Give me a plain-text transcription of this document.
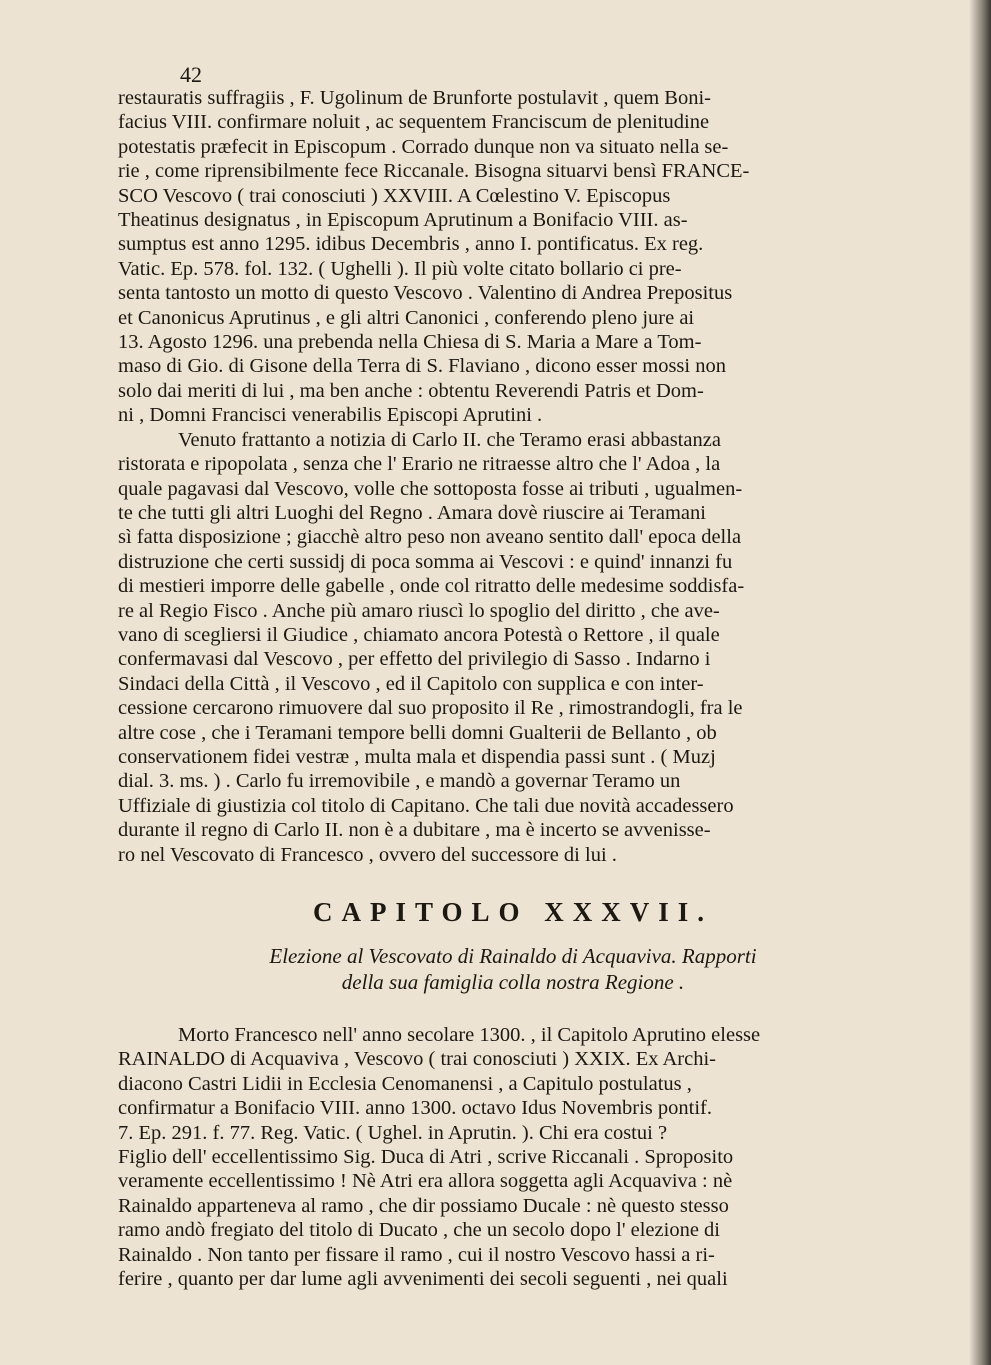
42
restauratis suffragiis , F. Ugolinum de Brunforte postulavit , quem Boni-
facius VIII. confirmare noluit , ac sequentem Franciscum de plenitudine
potestatis præfecit in Episcopum . Corrado dunque non va situato nella se-
rie , come riprensibilmente fece Riccanale. Bisogna situarvi bensì FRANCE-
SCO Vescovo ( trai conosciuti ) XXVIII. A Cœlestino V. Episcopus
Theatinus designatus , in Episcopum Aprutinum a Bonifacio VIII. as-
sumptus est anno 1295. idibus Decembris , anno I. pontificatus. Ex reg.
Vatic. Ep. 578. fol. 132. ( Ughelli ). Il più volte citato bollario ci pre-
senta tantosto un motto di questo Vescovo . Valentino di Andrea Prepositus
et Canonicus Aprutinus , e gli altri Canonici , conferendo pleno jure ai
13. Agosto 1296. una prebenda nella Chiesa di S. Maria a Mare a Tom-
maso di Gio. di Gisone della Terra di S. Flaviano , dicono esser mossi non
solo dai meriti di lui , ma ben anche : obtentu Reverendi Patris et Dom-
ni , Domni Francisci venerabilis Episcopi Aprutini .
Venuto frattanto a notizia di Carlo II. che Teramo erasi abbastanza
ristorata e ripopolata , senza che l' Erario ne ritraesse altro che l' Adoa , la
quale pagavasi dal Vescovo, volle che sottoposta fosse ai tributi , ugualmen-
te che tutti gli altri Luoghi del Regno . Amara dovè riuscire ai Teramani
sì fatta disposizione ; giacchè altro peso non aveano sentito dall' epoca della
distruzione che certi sussidj di poca somma ai Vescovi : e quind' innanzi fu
di mestieri imporre delle gabelle , onde col ritratto delle medesime soddisfa-
re al Regio Fisco . Anche più amaro riuscì lo spoglio del diritto , che ave-
vano di scegliersi il Giudice , chiamato ancora Potestà o Rettore , il quale
confermavasi dal Vescovo , per effetto del privilegio di Sasso . Indarno i
Sindaci della Città , il Vescovo , ed il Capitolo con supplica e con inter-
cessione cercarono rimuovere dal suo proposito il Re , rimostrandogli, fra le
altre cose , che i Teramani tempore belli domni Gualterii de Bellanto , ob
conservationem fidei vestræ , multa mala et dispendia passi sunt . ( Muzj
dial. 3. ms. ) . Carlo fu irremovibile , e mandò a governar Teramo un
Uffiziale di giustizia col titolo di Capitano. Che tali due novità accadessero
durante il regno di Carlo II. non è a dubitare , ma è incerto se avvenisse-
ro nel Vescovato di Francesco , ovvero del successore di lui .
CAPITOLO XXXVII.
Elezione al Vescovato di Rainaldo di Acquaviva. Rapporti
della sua famiglia colla nostra Regione .
Morto Francesco nell' anno secolare 1300. , il Capitolo Aprutino elesse
RAINALDO di Acquaviva , Vescovo ( trai conosciuti ) XXIX. Ex Archi-
diacono Castri Lidii in Ecclesia Cenomanensi , a Capitulo postulatus ,
confirmatur a Bonifacio VIII. anno 1300. octavo Idus Novembris pontif.
7. Ep. 291. f. 77. Reg. Vatic. ( Ughel. in Aprutin. ). Chi era costui ?
Figlio dell' eccellentissimo Sig. Duca di Atri , scrive Riccanali . Sproposito
veramente eccellentissimo ! Nè Atri era allora soggetta agli Acquaviva : nè
Rainaldo apparteneva al ramo , che dir possiamo Ducale : nè questo stesso
ramo andò fregiato del titolo di Ducato , che un secolo dopo l' elezione di
Rainaldo . Non tanto per fissare il ramo , cui il nostro Vescovo hassi a ri-
ferire , quanto per dar lume agli avvenimenti dei secoli seguenti , nei quali
